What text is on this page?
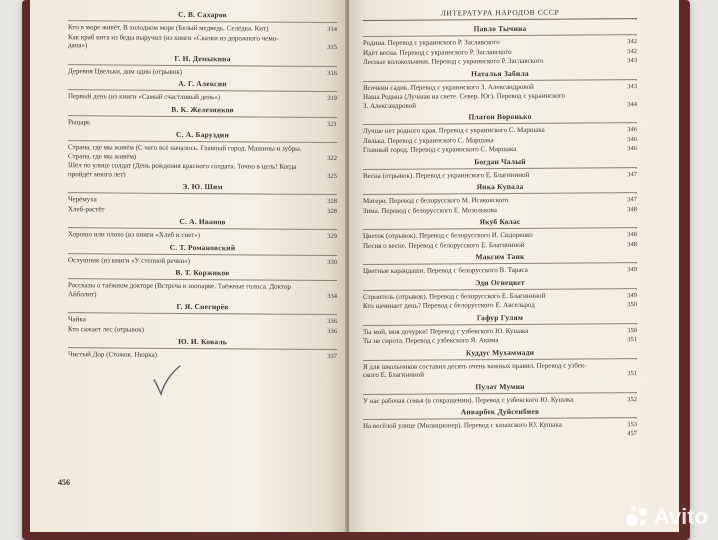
С. В. Сахаров
Кто в море живёт. В холодном море (Белый медведь. Селёдка. Кит)	314
Как краб кита из беды выручил (из книги «Сказки из дорожного чемо-
дана»)	315
Г. Н. Демыкина
Деревня Цвельки, дом один (отрывок)	316
А. Г. Алексин
Первый день (из книги «Самый счастливый день»)	319
В. К. Железников
Рыцарь	321
С. А. Баруздин
Страна, где мы живём (С чего всё началось. Главный город. Машины и зубры.
Страна, где мы живём)	322
Шёл по улице солдат (День рождения красного солдата. Точно в цель! Когда
пройдёт много лет)	325
Э. Ю. Шим
Черёмуха	328
Хлеб-растёт	328
С. А. Иванов
Хорошо или плохо (из книги «Хлеб и снег»)	329
С. Т. Романовский
Ослушник (из книги «У степной речки»)	330
В. Т. Коржиков
Рассказы о таёжном докторе (Встреча в зоопарке. Таёжные голоса. Доктор
Айболит)	334
Г. Я. Снегирёв
Чайка	336
Кто сажает лес (отрывок)	336
Ю. И. Коваль
Чистый Дор (Стожок. Нюрка)	337
456
ЛИТЕРАТУРА НАРОДОВ СССР
Павло Тычина
Родина. Перевод с украинского Р. Заславского	342
Идёт весна. Перевод с украинского Р. Заславского	342
Лесные колокольчики. Перевод с украинского Р. Заславского	343
Наталья Забила
Ясочкин садик. Перевод с украинского З. Александровой	343
Наша Родина (Лучшая на свете. Север. Юг). Перевод с украинского
З. Александровой	344
Платон Воронько
Лучше нет родного края. Перевод с украинского С. Маршака	346
Лялька. Перевод с украинского С. Маршака	346
Главный город. Перевод с украинского С. Маршака	346
Богдан Чалый
Весна (отрывок). Перевод с украинского Е. Благининой	347
Янка Купала
Матери. Перевод с белорусского М. Исаковского	347
Зима. Перевод с белорусского Е. Мозольковa	348
Якуб Колас
Цветок (отрывок). Перевод с белорусского И. Сидоренко	348
Песня о весне. Перевод с белорусского Е. Благининой	348
Максим Танк
Цветные карандаши. Перевод с белорусского В. Тараса	349
Эди Огнецвет
Строитель (отрывок). Перевод с белорусского Е. Благининой	349
Кто начинает день? Перевод с белорусского Е. Аксельрод	350
Гафур Гулям
Ты мой, моя дочурки! Перевод с узбекского Ю. Кушака	350
Ты не сирота. Перевод с узбекского Я. Акима	351
Куддус Мухаммади
Я для школьников составил десять очень важных правил. Перевод с узбек-
ского Е. Благининой	351
Пулат Мумин
У нас рабочая семья (в сокращении). Перевод с узбекского Ю. Кушака	352
Анварбек Дуйсенбиев
На весёлой улице (Милиционер). Перевод с казахского Ю. Кушака	353
457
Avito
